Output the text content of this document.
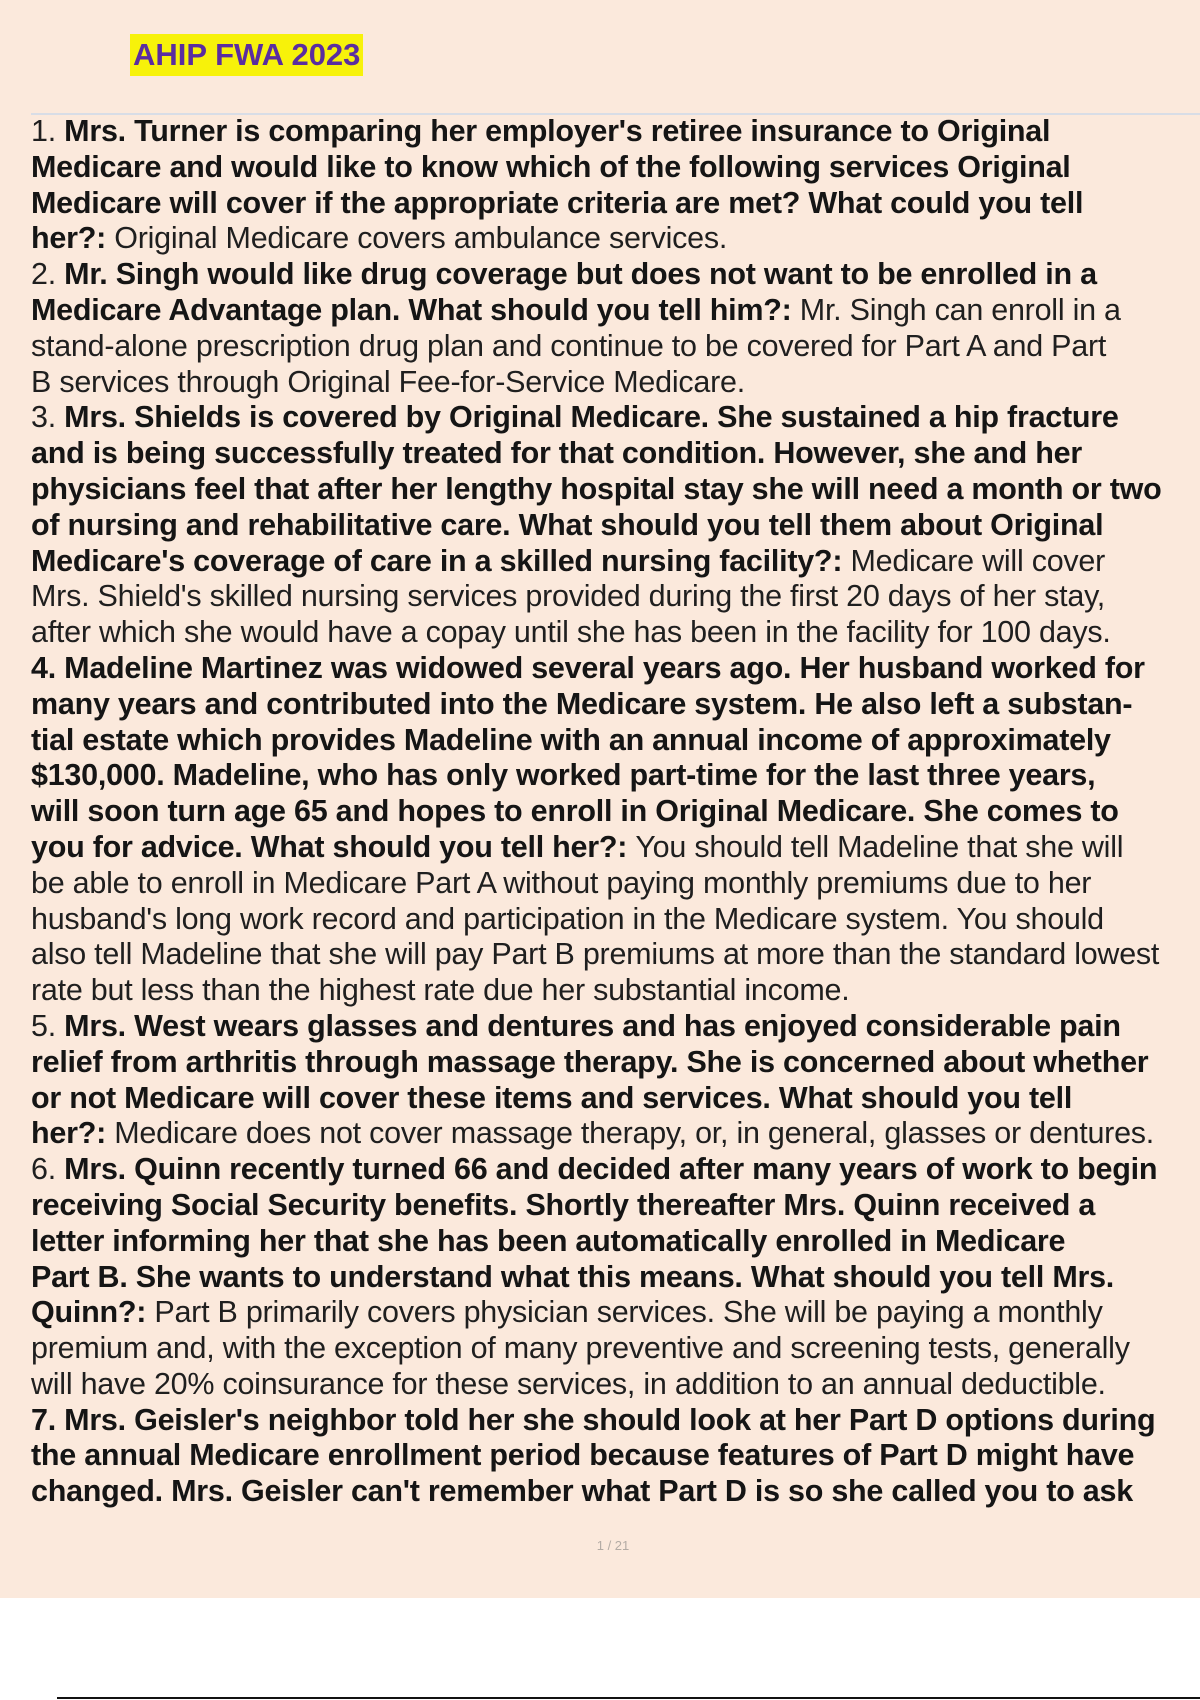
AHIP FWA 2023
1. Mrs. Turner is comparing her employer's retiree insurance to Original
Medicare and would like to know which of the following services Original
Medicare will cover if the appropriate criteria are met? What could you tell
her?: Original Medicare covers ambulance services.
2. Mr. Singh would like drug coverage but does not want to be enrolled in a
Medicare Advantage plan. What should you tell him?: Mr. Singh can enroll in a
stand-alone prescription drug plan and continue to be covered for Part A and Part
B services through Original Fee-for-Service Medicare.
3. Mrs. Shields is covered by Original Medicare. She sustained a hip fracture
and is being successfully treated for that condition. However, she and her
physicians feel that after her lengthy hospital stay she will need a month or two
of nursing and rehabilitative care. What should you tell them about Original
Medicare's coverage of care in a skilled nursing facility?: Medicare will cover
Mrs. Shield's skilled nursing services provided during the first 20 days of her stay,
after which she would have a copay until she has been in the facility for 100 days.
4. Madeline Martinez was widowed several years ago. Her husband worked for
many years and contributed into the Medicare system. He also left a substan-
tial estate which provides Madeline with an annual income of approximately
$130,000. Madeline, who has only worked part-time for the last three years,
will soon turn age 65 and hopes to enroll in Original Medicare. She comes to
you for advice. What should you tell her?: You should tell Madeline that she will
be able to enroll in Medicare Part A without paying monthly premiums due to her
husband's long work record and participation in the Medicare system. You should
also tell Madeline that she will pay Part B premiums at more than the standard lowest
rate but less than the highest rate due her substantial income.
5. Mrs. West wears glasses and dentures and has enjoyed considerable pain
relief from arthritis through massage therapy. She is concerned about whether
or not Medicare will cover these items and services. What should you tell
her?: Medicare does not cover massage therapy, or, in general, glasses or dentures.
6. Mrs. Quinn recently turned 66 and decided after many years of work to begin
receiving Social Security benefits. Shortly thereafter Mrs. Quinn received a
letter informing her that she has been automatically enrolled in Medicare
Part B. She wants to understand what this means. What should you tell Mrs.
Quinn?: Part B primarily covers physician services. She will be paying a monthly
premium and, with the exception of many preventive and screening tests, generally
will have 20% coinsurance for these services, in addition to an annual deductible.
7. Mrs. Geisler's neighbor told her she should look at her Part D options during
the annual Medicare enrollment period because features of Part D might have
changed. Mrs. Geisler can't remember what Part D is so she called you to ask
1 / 21
